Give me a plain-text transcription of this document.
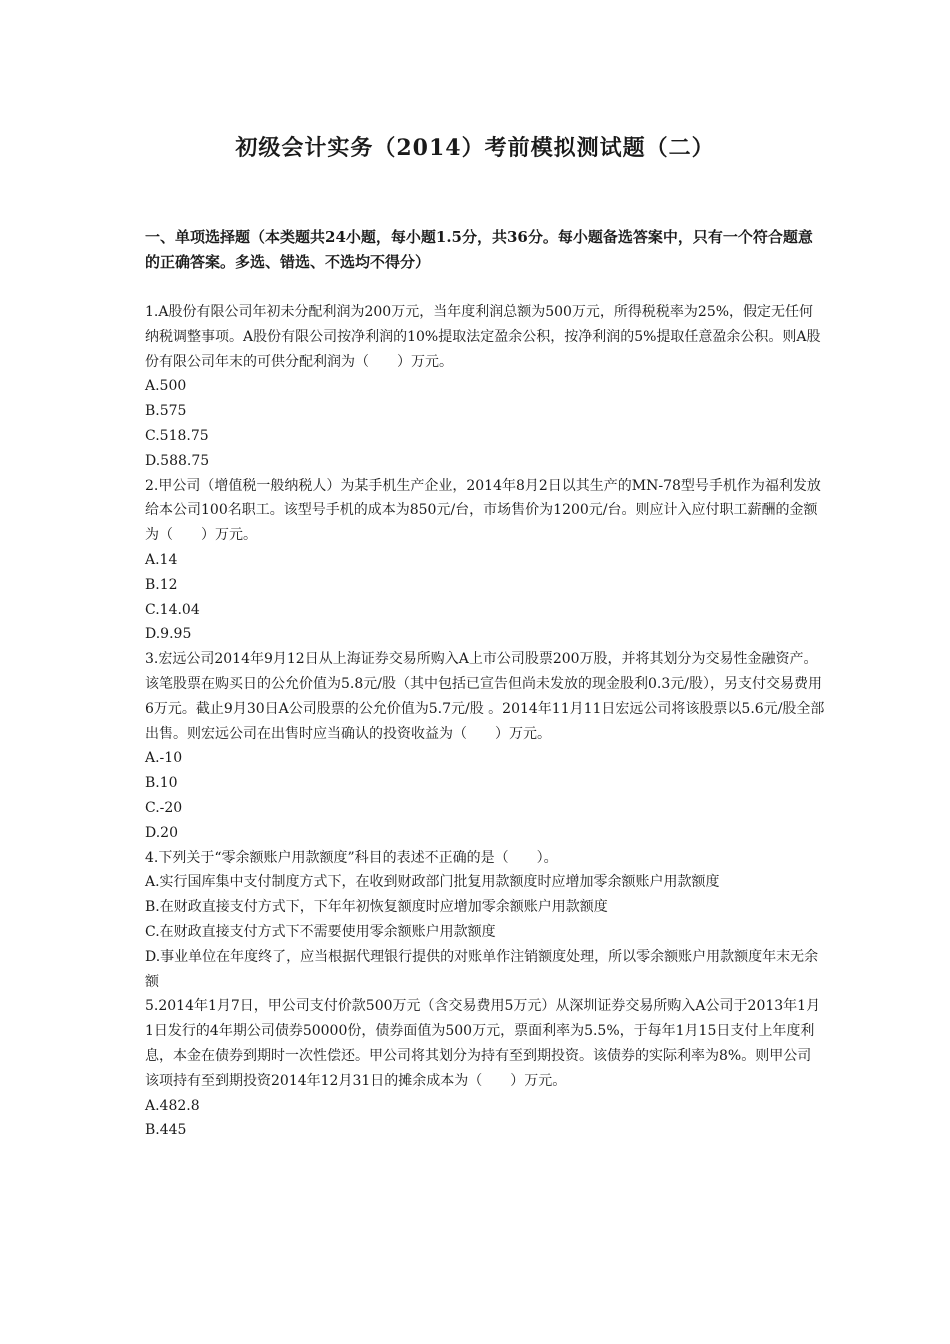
初级会计实务（2014）考前模拟测试题（二）
一、单项选择题（本类题共24小题，每小题1.5分，共36分。每小题备选答案中，只有一个符合题意的正确答案。多选、错选、不选均不得分）

1.A股份有限公司年初未分配利润为200万元，当年度利润总额为500万元，所得税税率为25%，假定无任何纳税调整事项。A股份有限公司按净利润的10%提取法定盈余公积，按净利润的5%提取任意盈余公积。则A股份有限公司年末的可供分配利润为（　　）万元。

A.500

B.575

C.518.75

D.588.75

2.甲公司（增值税一般纳税人）为某手机生产企业，2014年8月2日以其生产的MN-78型号手机作为福利发放给本公司100名职工。该型号手机的成本为850元/台，市场售价为1200元/台。则应计入应付职工薪酬的金额为（　　）万元。

A.14

B.12

C.14.04

D.9.95

3.宏远公司2014年9月12日从上海证券交易所购入A上市公司股票200万股，并将其划分为交易性金融资产。该笔股票在购买日的公允价值为5.8元/股（其中包括已宣告但尚未发放的现金股利0.3元/股），另支付交易费用6万元。截止9月30日A公司股票的公允价值为5.7元/股 。2014年11月11日宏远公司将该股票以5.6元/股全部出售。则宏远公司在出售时应当确认的投资收益为（　　）万元。

A.-10

B.10

C.-20

D.20

4.下列关于“零余额账户用款额度”科目的表述不正确的是（　　）。

A.实行国库集中支付制度方式下，在收到财政部门批复用款额度时应增加零余额账户用款额度

B.在财政直接支付方式下，下年年初恢复额度时应增加零余额账户用款额度

C.在财政直接支付方式下不需要使用零余额账户用款额度

D.事业单位在年度终了，应当根据代理银行提供的对账单作注销额度处理，所以零余额账户用款额度年末无余额

5.2014年1月7日，甲公司支付价款500万元（含交易费用5万元）从深圳证券交易所购入A公司于2013年1月1日发行的4年期公司债券50000份，债券面值为500万元，票面利率为5.5%，于每年1月15日支付上年度利息，本金在债券到期时一次性偿还。甲公司将其划分为持有至到期投资。该债券的实际利率为8%。则甲公司该项持有至到期投资2014年12月31日的摊余成本为（　　）万元。

A.482.8

B.445
